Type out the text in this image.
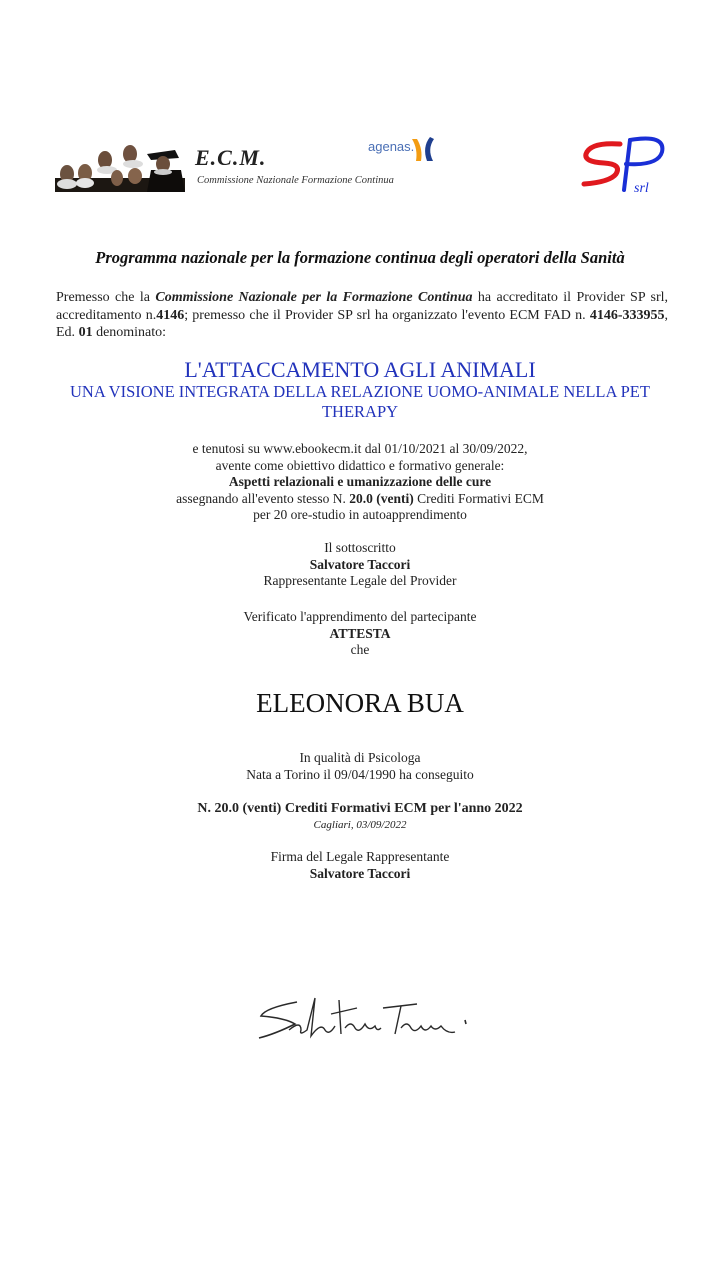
E.C.M.
Commissione Nazionale Formazione Continua
agenas.
srl
Programma nazionale per la formazione continua degli operatori della Sanità
Premesso che la Commissione Nazionale per la Formazione Continua ha accreditato il Provider SP srl, accreditamento n.4146; premesso che il Provider SP srl ha organizzato l'evento ECM FAD n. 4146-333955, Ed. 01 denominato:
L'ATTACCAMENTO AGLI ANIMALI
UNA VISIONE INTEGRATA DELLA RELAZIONE UOMO-ANIMALE NELLA PET THERAPY
e tenutosi su www.ebookecm.it dal 01/10/2021 al 30/09/2022,
avente come obiettivo didattico e formativo generale:
Aspetti relazionali e umanizzazione delle cure
assegnando all'evento stesso N. 20.0 (venti) Crediti Formativi ECM
per 20 ore-studio in autoapprendimento
Il sottoscritto
Salvatore Taccori
Rappresentante Legale del Provider
Verificato l'apprendimento del partecipante
ATTESTA
che
ELEONORA BUA
In qualità di Psicologa
Nata a Torino il 09/04/1990 ha conseguito
N. 20.0 (venti) Crediti Formativi ECM per l'anno 2022
Cagliari, 03/09/2022
Firma del Legale Rappresentante
Salvatore Taccori
